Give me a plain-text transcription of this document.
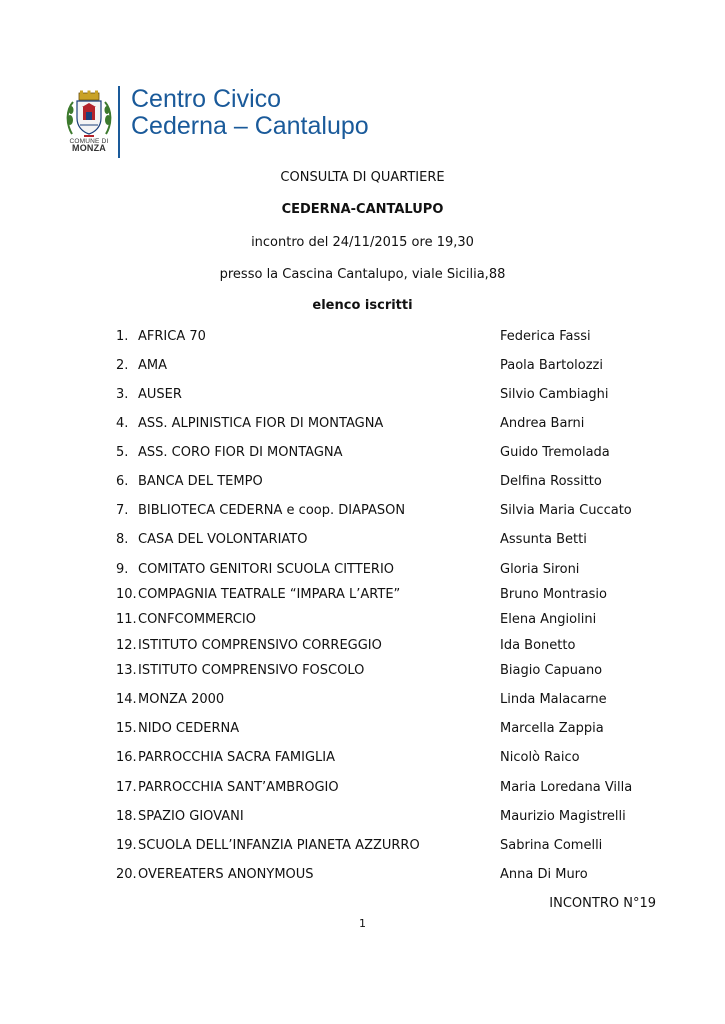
COMUNE DI
MONZA
Centro Civico
Cederna – Cantalupo
CONSULTA DI QUARTIERE
CEDERNA-CANTALUPO
incontro del 24/11/2015 ore 19,30
presso la Cascina Cantalupo, viale Sicilia,88
elenco iscritti
1. AFRICA 70	Federica Fassi
2. AMA	Paola Bartolozzi
3. AUSER	Silvio Cambiaghi
4. ASS. ALPINISTICA FIOR DI MONTAGNA	Andrea Barni
5. ASS. CORO FIOR DI MONTAGNA	Guido Tremolada
6. BANCA DEL TEMPO	Delfina Rossitto
7. BIBLIOTECA CEDERNA e coop. DIAPASON	Silvia Maria Cuccato
8. CASA DEL VOLONTARIATO	Assunta Betti
9. COMITATO GENITORI SCUOLA CITTERIO	Gloria Sironi
10. COMPAGNIA TEATRALE “IMPARA L’ARTE”	Bruno Montrasio
11. CONFCOMMERCIO	Elena Angiolini
12. ISTITUTO COMPRENSIVO CORREGGIO	Ida Bonetto
13. ISTITUTO COMPRENSIVO FOSCOLO	Biagio Capuano
14. MONZA 2000	Linda Malacarne
15. NIDO CEDERNA	Marcella Zappia
16. PARROCCHIA SACRA FAMIGLIA	Nicolò Raico
17. PARROCCHIA SANT’AMBROGIO	Maria Loredana Villa
18. SPAZIO GIOVANI	Maurizio Magistrelli
19. SCUOLA DELL’INFANZIA PIANETA AZZURRO	Sabrina Comelli
20. OVEREATERS ANONYMOUS	Anna Di Muro
INCONTRO N°19
1
